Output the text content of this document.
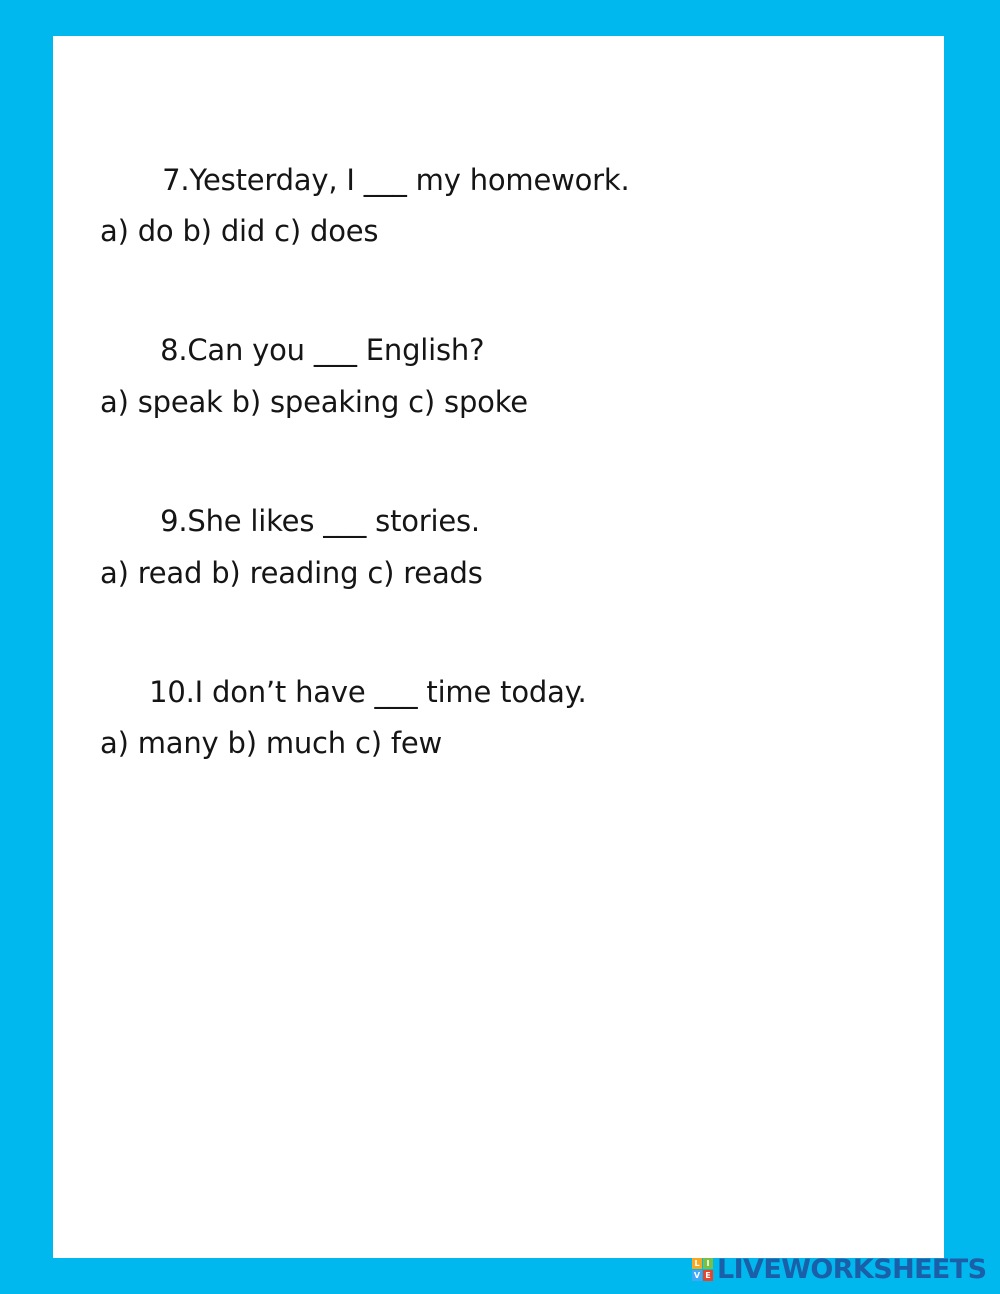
7.Yesterday, I ___ my homework.

a) do b) did c) does

8.Can you ___ English?

a) speak b) speaking c) spoke

9.She likes ___ stories.

a) read b) reading c) reads

10.I don’t have ___ time today.

a) many b) much c) few
L I
V E LIVEWORKSHEETS
